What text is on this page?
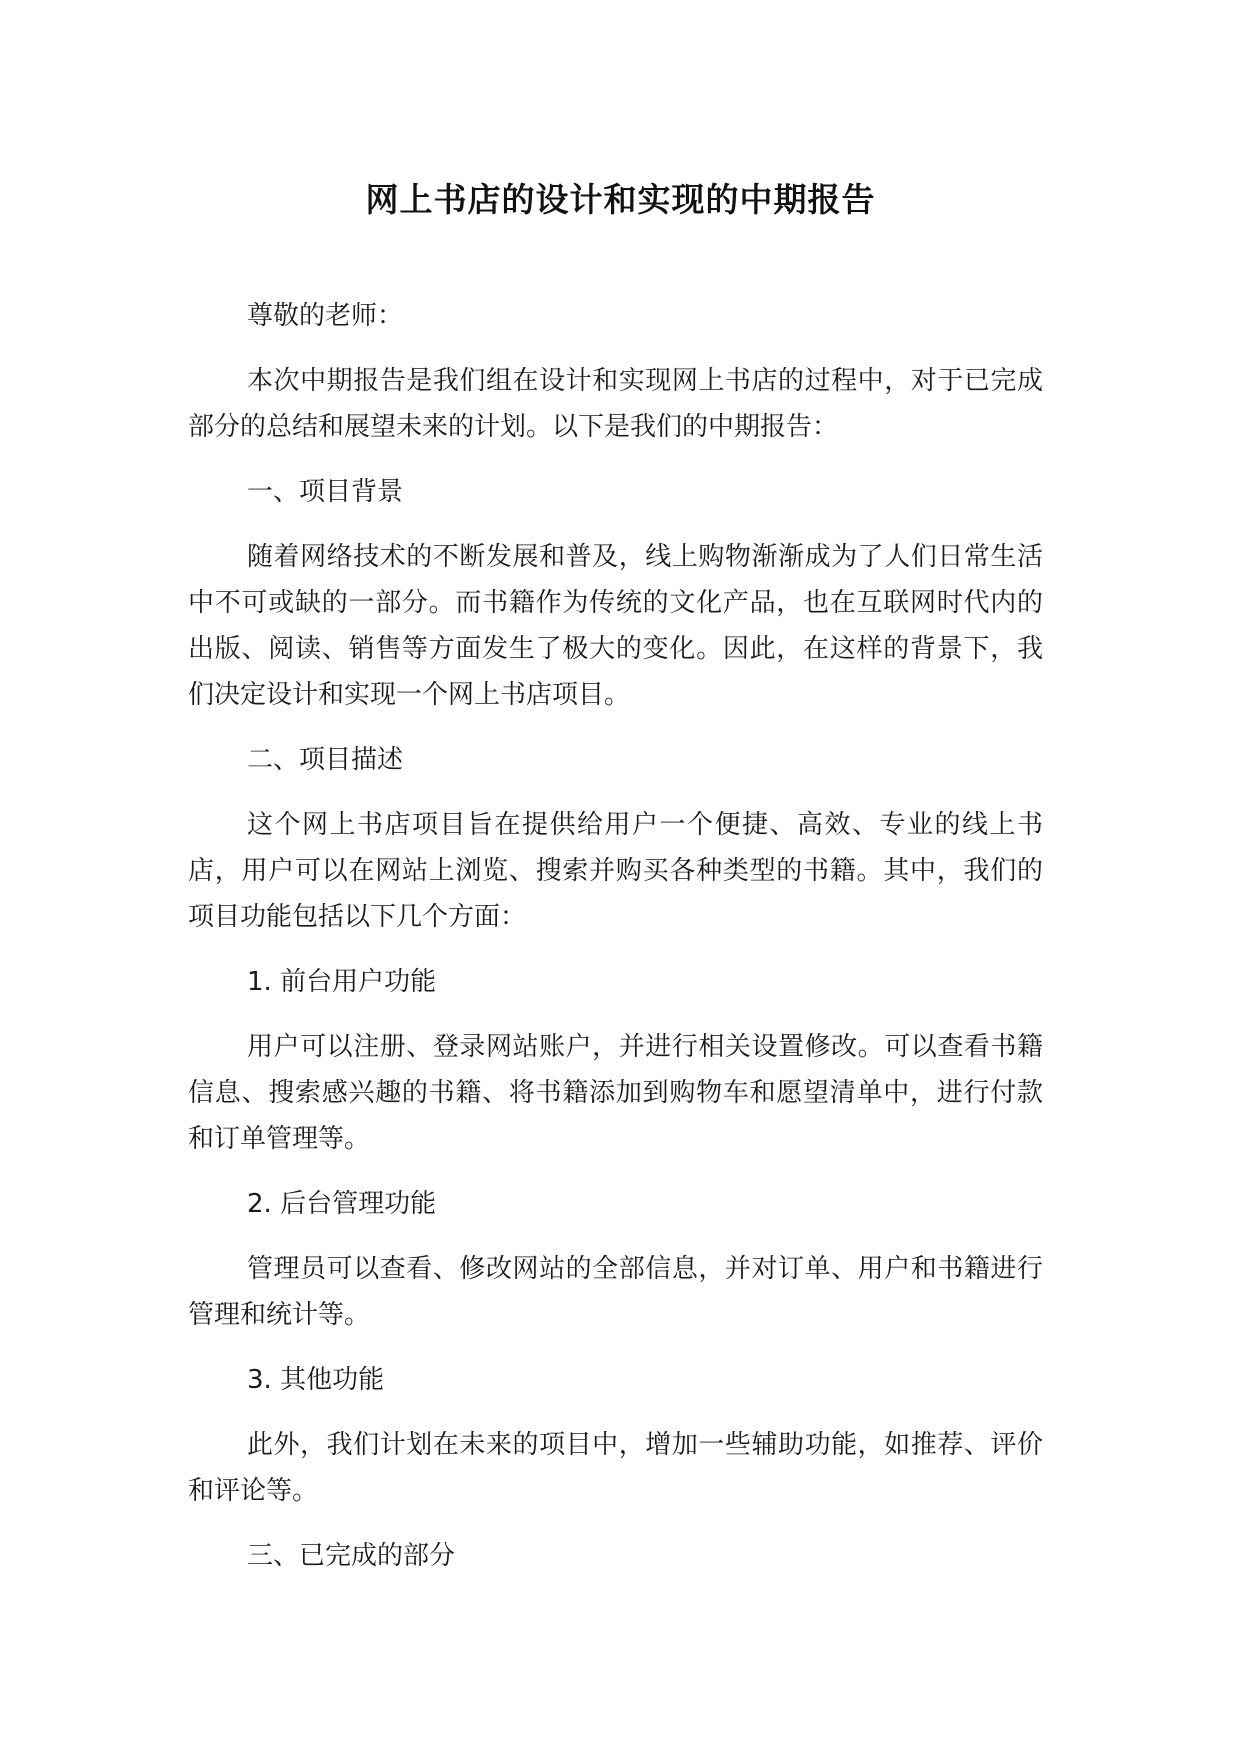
网上书店的设计和实现的中期报告

尊敬的老师：

本次中期报告是我们组在设计和实现网上书店的过程中，对于已完成部分的总结和展望未来的计划。以下是我们的中期报告：

一、项目背景

随着网络技术的不断发展和普及，线上购物渐渐成为了人们日常生活中不可或缺的一部分。而书籍作为传统的文化产品，也在互联网时代内的出版、阅读、销售等方面发生了极大的变化。因此，在这样的背景下，我们决定设计和实现一个网上书店项目。

二、项目描述

这个网上书店项目旨在提供给用户一个便捷、高效、专业的线上书店，用户可以在网站上浏览、搜索并购买各种类型的书籍。其中，我们的项目功能包括以下几个方面：

1. 前台用户功能

用户可以注册、登录网站账户，并进行相关设置修改。可以查看书籍信息、搜索感兴趣的书籍、将书籍添加到购物车和愿望清单中，进行付款和订单管理等。

2. 后台管理功能

管理员可以查看、修改网站的全部信息，并对订单、用户和书籍进行管理和统计等。

3. 其他功能

此外，我们计划在未来的项目中，增加一些辅助功能，如推荐、评价和评论等。

三、已完成的部分
